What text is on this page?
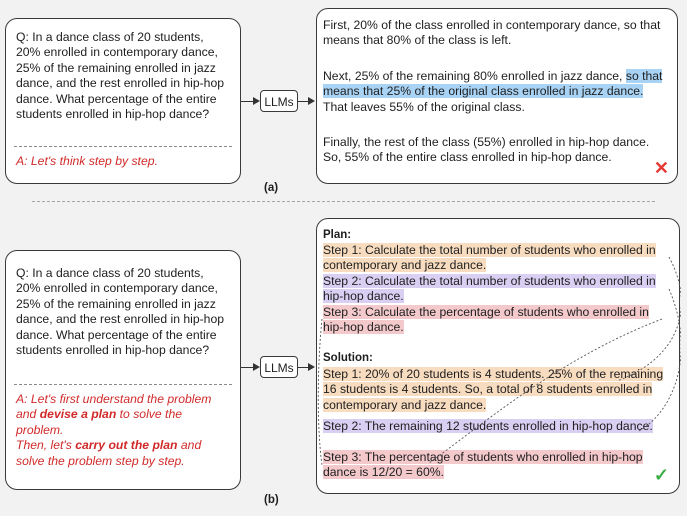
Q: In a dance class of 20 students, 20% enrolled in contemporary dance, 25% of the remaining enrolled in jazz dance, and the rest enrolled in hip-hop dance. What percentage of the entire students enrolled in hip-hop dance?
A: Let's think step by step.
LLMs
First, 20% of the class enrolled in contemporary dance, so that means that 80% of the class is left.
Next, 25% of the remaining 80% enrolled in jazz dance, so that means that 25% of the original class enrolled in jazz dance. That leaves 55% of the original class.
Finally, the rest of the class (55%) enrolled in hip-hop dance. So, 55% of the entire class enrolled in hip-hop dance.
✕
(a)
Q: In a dance class of 20 students, 20% enrolled in contemporary dance, 25% of the remaining enrolled in jazz dance, and the rest enrolled in hip-hop dance. What percentage of the entire students enrolled in hip-hop dance?
A: Let's first understand the problem and devise a plan to solve the problem.
Then, let's carry out the plan and solve the problem step by step.
LLMs
Plan:
Step 1: Calculate the total number of students who enrolled in contemporary and jazz dance.
Step 2: Calculate the total number of students who enrolled in hip-hop dance.
Step 3: Calculate the percentage of students who enrolled in hip-hop dance.
Solution:
Step 1: 20% of 20 students is 4 students. 25% of the remaining 16 students is 4 students. So, a total of 8 students enrolled in contemporary and jazz dance.
Step 2: The remaining 12 students enrolled in hip-hop dance.
Step 3: The percentage of students who enrolled in hip-hop dance is 12/20 = 60%.	✓
(b)
